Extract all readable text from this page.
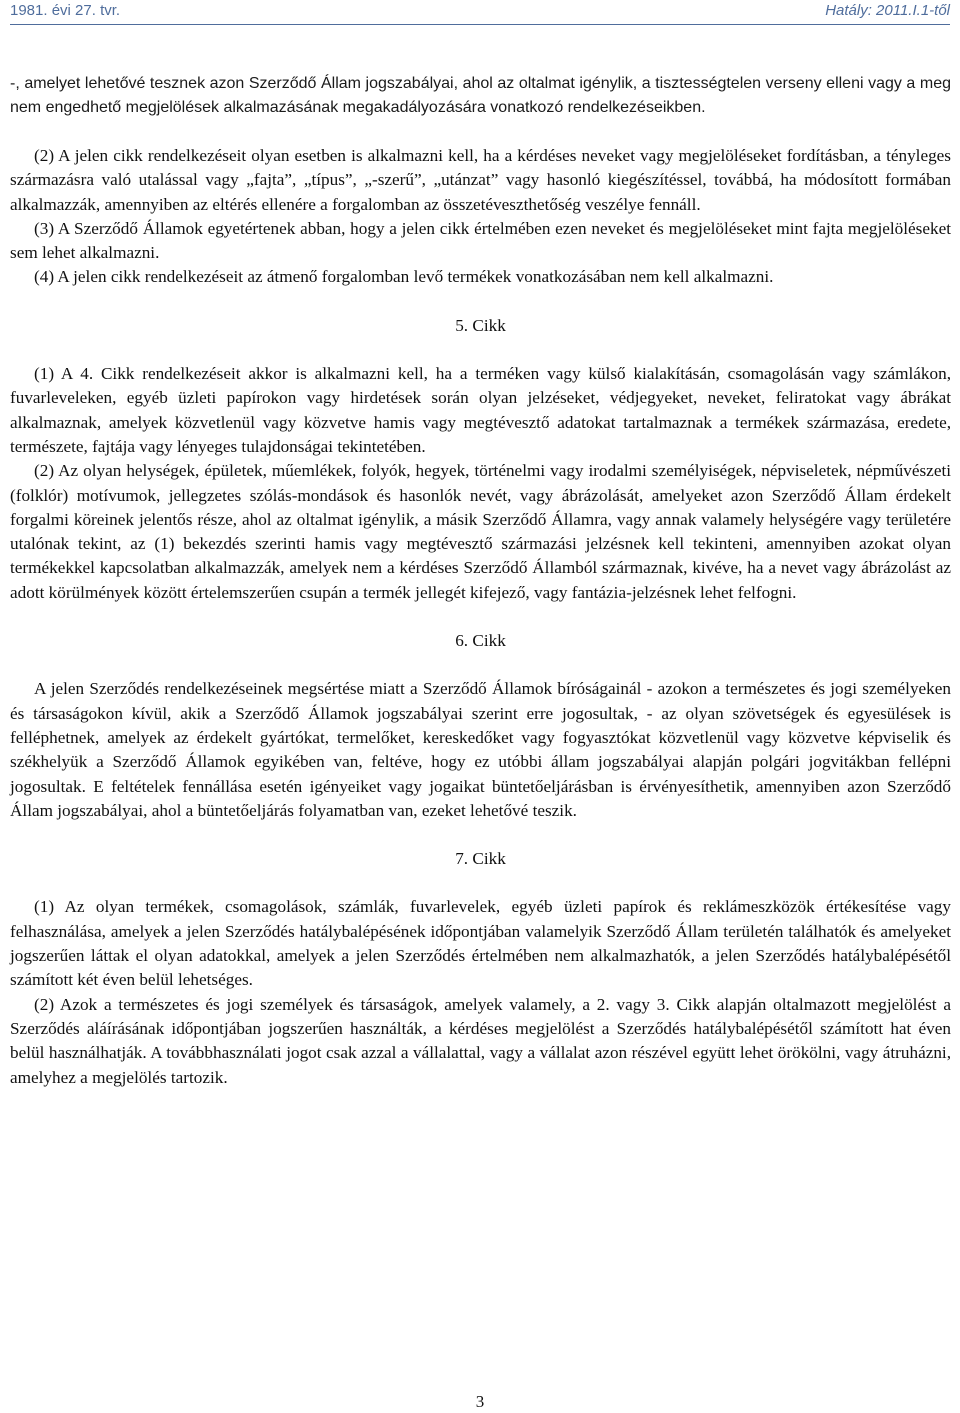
1981. évi 27. tvr.	Hatály: 2011.I.1-től

-, amelyet lehetővé tesznek azon Szerződő Állam jogszabályai, ahol az oltalmat igénylik, a tisztességtelen verseny elleni vagy a meg nem engedhető megjelölések alkalmazásának megakadályozására vonatkozó rendelkezéseikben.

(2) A jelen cikk rendelkezéseit olyan esetben is alkalmazni kell, ha a kérdéses neveket vagy megjelöléseket fordításban, a tényleges származásra való utalással vagy „fajta”, „típus”, „-szerű”, „utánzat” vagy hasonló kiegészítéssel, továbbá, ha módosított formában alkalmazzák, amennyiben az eltérés ellenére a forgalomban az összetéveszthetőség veszélye fennáll.

(3) A Szerződő Államok egyetértenek abban, hogy a jelen cikk értelmében ezen neveket és megjelöléseket mint fajta megjelöléseket sem lehet alkalmazni.

(4) A jelen cikk rendelkezéseit az átmenő forgalomban levő termékek vonatkozásában nem kell alkalmazni.

5. Cikk

(1) A 4. Cikk rendelkezéseit akkor is alkalmazni kell, ha a terméken vagy külső kialakításán, csomagolásán vagy számlákon, fuvarleveleken, egyéb üzleti papírokon vagy hirdetések során olyan jelzéseket, védjegyeket, neveket, feliratokat vagy ábrákat alkalmaznak, amelyek közvetlenül vagy közvetve hamis vagy megtévesztő adatokat tartalmaznak a termékek származása, eredete, természete, fajtája vagy lényeges tulajdonságai tekintetében.

(2) Az olyan helységek, épületek, műemlékek, folyók, hegyek, történelmi vagy irodalmi személyiségek, népviseletek, népművészeti (folklór) motívumok, jellegzetes szólás-mondások és hasonlók nevét, vagy ábrázolását, amelyeket azon Szerződő Állam érdekelt forgalmi köreinek jelentős része, ahol az oltalmat igénylik, a másik Szerződő Államra, vagy annak valamely helységére vagy területére utalónak tekint, az (1) bekezdés szerinti hamis vagy megtévesztő származási jelzésnek kell tekinteni, amennyiben azokat olyan termékekkel kapcsolatban alkalmazzák, amelyek nem a kérdéses Szerződő Államból származnak, kivéve, ha a nevet vagy ábrázolást az adott körülmények között értelemszerűen csupán a termék jellegét kifejező, vagy fantázia-jelzésnek lehet felfogni.

6. Cikk

A jelen Szerződés rendelkezéseinek megsértése miatt a Szerződő Államok bíróságainál - azokon a természetes és jogi személyeken és társaságokon kívül, akik a Szerződő Államok jogszabályai szerint erre jogosultak, - az olyan szövetségek és egyesülések is felléphetnek, amelyek az érdekelt gyártókat, termelőket, kereskedőket vagy fogyasztókat közvetlenül vagy közvetve képviselik és székhelyük a Szerződő Államok egyikében van, feltéve, hogy ez utóbbi állam jogszabályai alapján polgári jogvitákban fellépni jogosultak. E feltételek fennállása esetén igényeiket vagy jogaikat büntetőeljárásban is érvényesíthetik, amennyiben azon Szerződő Állam jogszabályai, ahol a büntetőeljárás folyamatban van, ezeket lehetővé teszik.

7. Cikk

(1) Az olyan termékek, csomagolások, számlák, fuvarlevelek, egyéb üzleti papírok és reklámeszközök értékesítése vagy felhasználása, amelyek a jelen Szerződés hatálybalépésének időpontjában valamelyik Szerződő Állam területén találhatók és amelyeket jogszerűen láttak el olyan adatokkal, amelyek a jelen Szerződés értelmében nem alkalmazhatók, a jelen Szerződés hatálybalépésétől számított két éven belül lehetséges.

(2) Azok a természetes és jogi személyek és társaságok, amelyek valamely, a 2. vagy 3. Cikk alapján oltalmazott megjelölést a Szerződés aláírásának időpontjában jogszerűen használták, a kérdéses megjelölést a Szerződés hatálybalépésétől számított hat éven belül használhatják. A továbbhasználati jogot csak azzal a vállalattal, vagy a vállalat azon részével együtt lehet örökölni, vagy átruházni, amelyhez a megjelölés tartozik.

3
